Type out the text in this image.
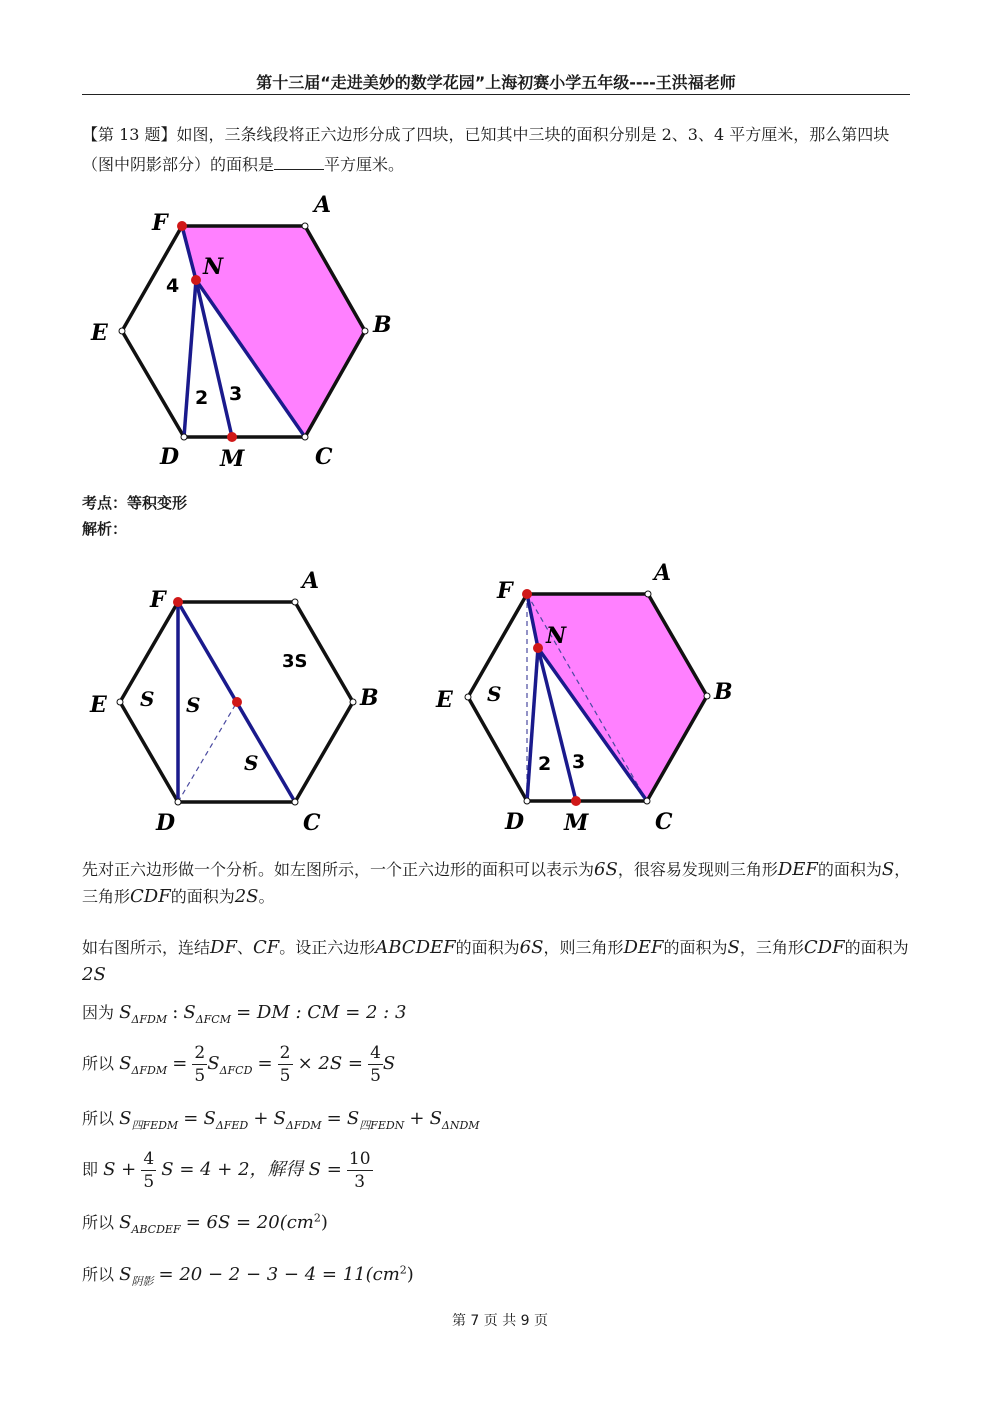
第十三届“走进美妙的数学花园”上海初赛小学五年级----王洪福老师
【第 13 题】如图，三条线段将正六边形分成了四块，已知其中三块的面积分别是 2、3、4 平方厘米，那么第四块（图中阴影部分）的面积是	平方厘米。
F
A
B
C
D M
E
N
4
2 3
考点：等积变形
解析：
F
A
B
C
D
E S S
S
3S
F
A
B
C
D M
E
N
S
2 3
先对正六边形做一个分析。如左图所示，一个正六边形的面积可以表示为6S，很容易发现则三角形DEF的面积为S，三角形CDF的面积为2S。
如右图所示，连结DF、CF。设正六边形ABCDEF的面积为6S，则三角形DEF的面积为S，三角形CDF的面积为2S
因为 $S_{\Delta FDM}$ : $S_{\Delta FCM}$ = DM : CM = 2 : 3
所以 $S_{\Delta FDM} = \frac{2}{5} S_{\Delta FCD} = \frac{2}{5} \times 2S = \frac{4}{5}$ S
所以 $S_{四FEDM} = S_{\Delta FED} + S_{\Delta FDM} = S_{四FEDN} + S_{\Delta NDM}$
即 $S + \frac{4}{5}$ S = 4 + 2，解得 $S = \frac{10}{3}$
所以 $S_{ABCDEF} = 6S = 20(cm^2)$
所以 $S_{阴影} = 20 - 2 - 3 - 4 = 11(cm^2)$
第 7 页 共 9 页
